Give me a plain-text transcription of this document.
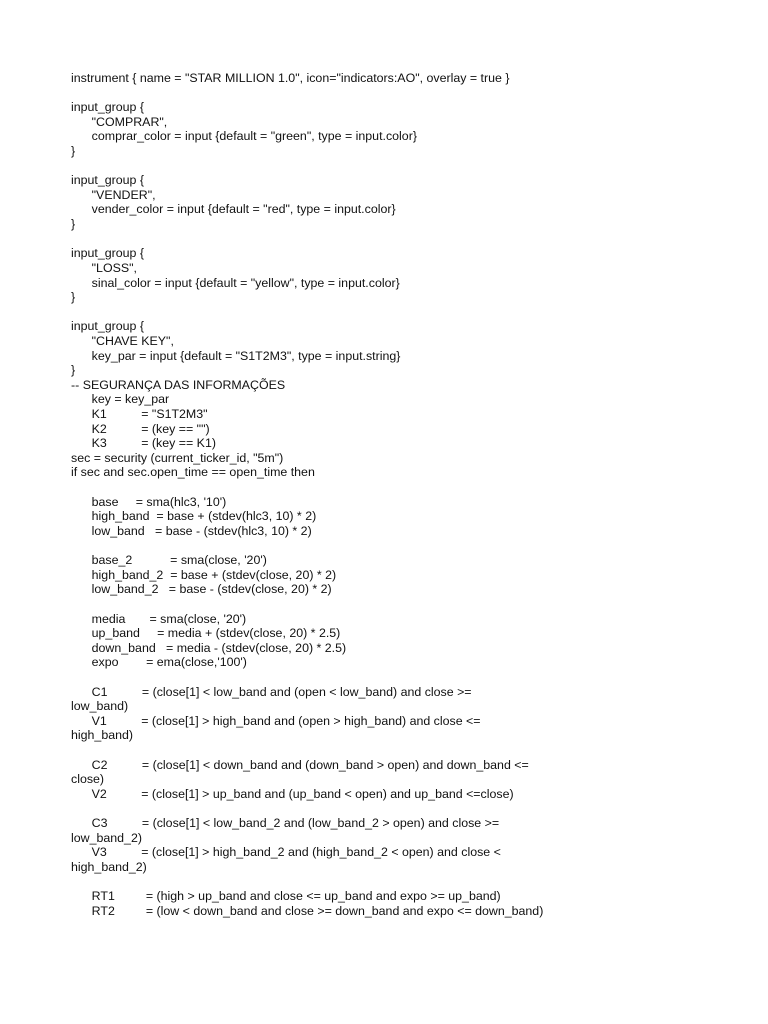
instrument { name = "STAR MILLION 1.0", icon="indicators:AO", overlay = true }
input_group {
"COMPRAR",
comprar_color = input {default = "green", type = input.color}
}
input_group {
"VENDER",
vender_color = input {default = "red", type = input.color}
}
input_group {
"LOSS",
sinal_color = input {default = "yellow", type = input.color}
}
input_group {
"CHAVE KEY",
key_par = input {default = "S1T2M3", type = input.string}
}
-- SEGURANÇA DAS INFORMAÇÕES
key = key_par
K1          = "S1T2M3"
K2          = (key == "")
K3          = (key == K1)
sec = security (current_ticker_id, "5m")
if sec and sec.open_time == open_time then
base     = sma(hlc3, '10')
high_band  = base + (stdev(hlc3, 10) * 2)
low_band   = base - (stdev(hlc3, 10) * 2)
base_2           = sma(close, '20')
high_band_2  = base + (stdev(close, 20) * 2)
low_band_2   = base - (stdev(close, 20) * 2)
media       = sma(close, '20')
up_band     = media + (stdev(close, 20) * 2.5)
down_band   = media - (stdev(close, 20) * 2.5)
expo        = ema(close,'100')
C1          = (close[1] < low_band and (open < low_band) and close >=
low_band)
V1          = (close[1] > high_band and (open > high_band) and close <=
high_band)
C2          = (close[1] < down_band and (down_band > open) and down_band <=
close)
V2          = (close[1] > up_band and (up_band < open) and up_band <=close)
C3          = (close[1] < low_band_2 and (low_band_2 > open) and close >=
low_band_2)
V3          = (close[1] > high_band_2 and (high_band_2 < open) and close <
high_band_2)
RT1         = (high > up_band and close <= up_band and expo >= up_band)
RT2         = (low < down_band and close >= down_band and expo <= down_band)
